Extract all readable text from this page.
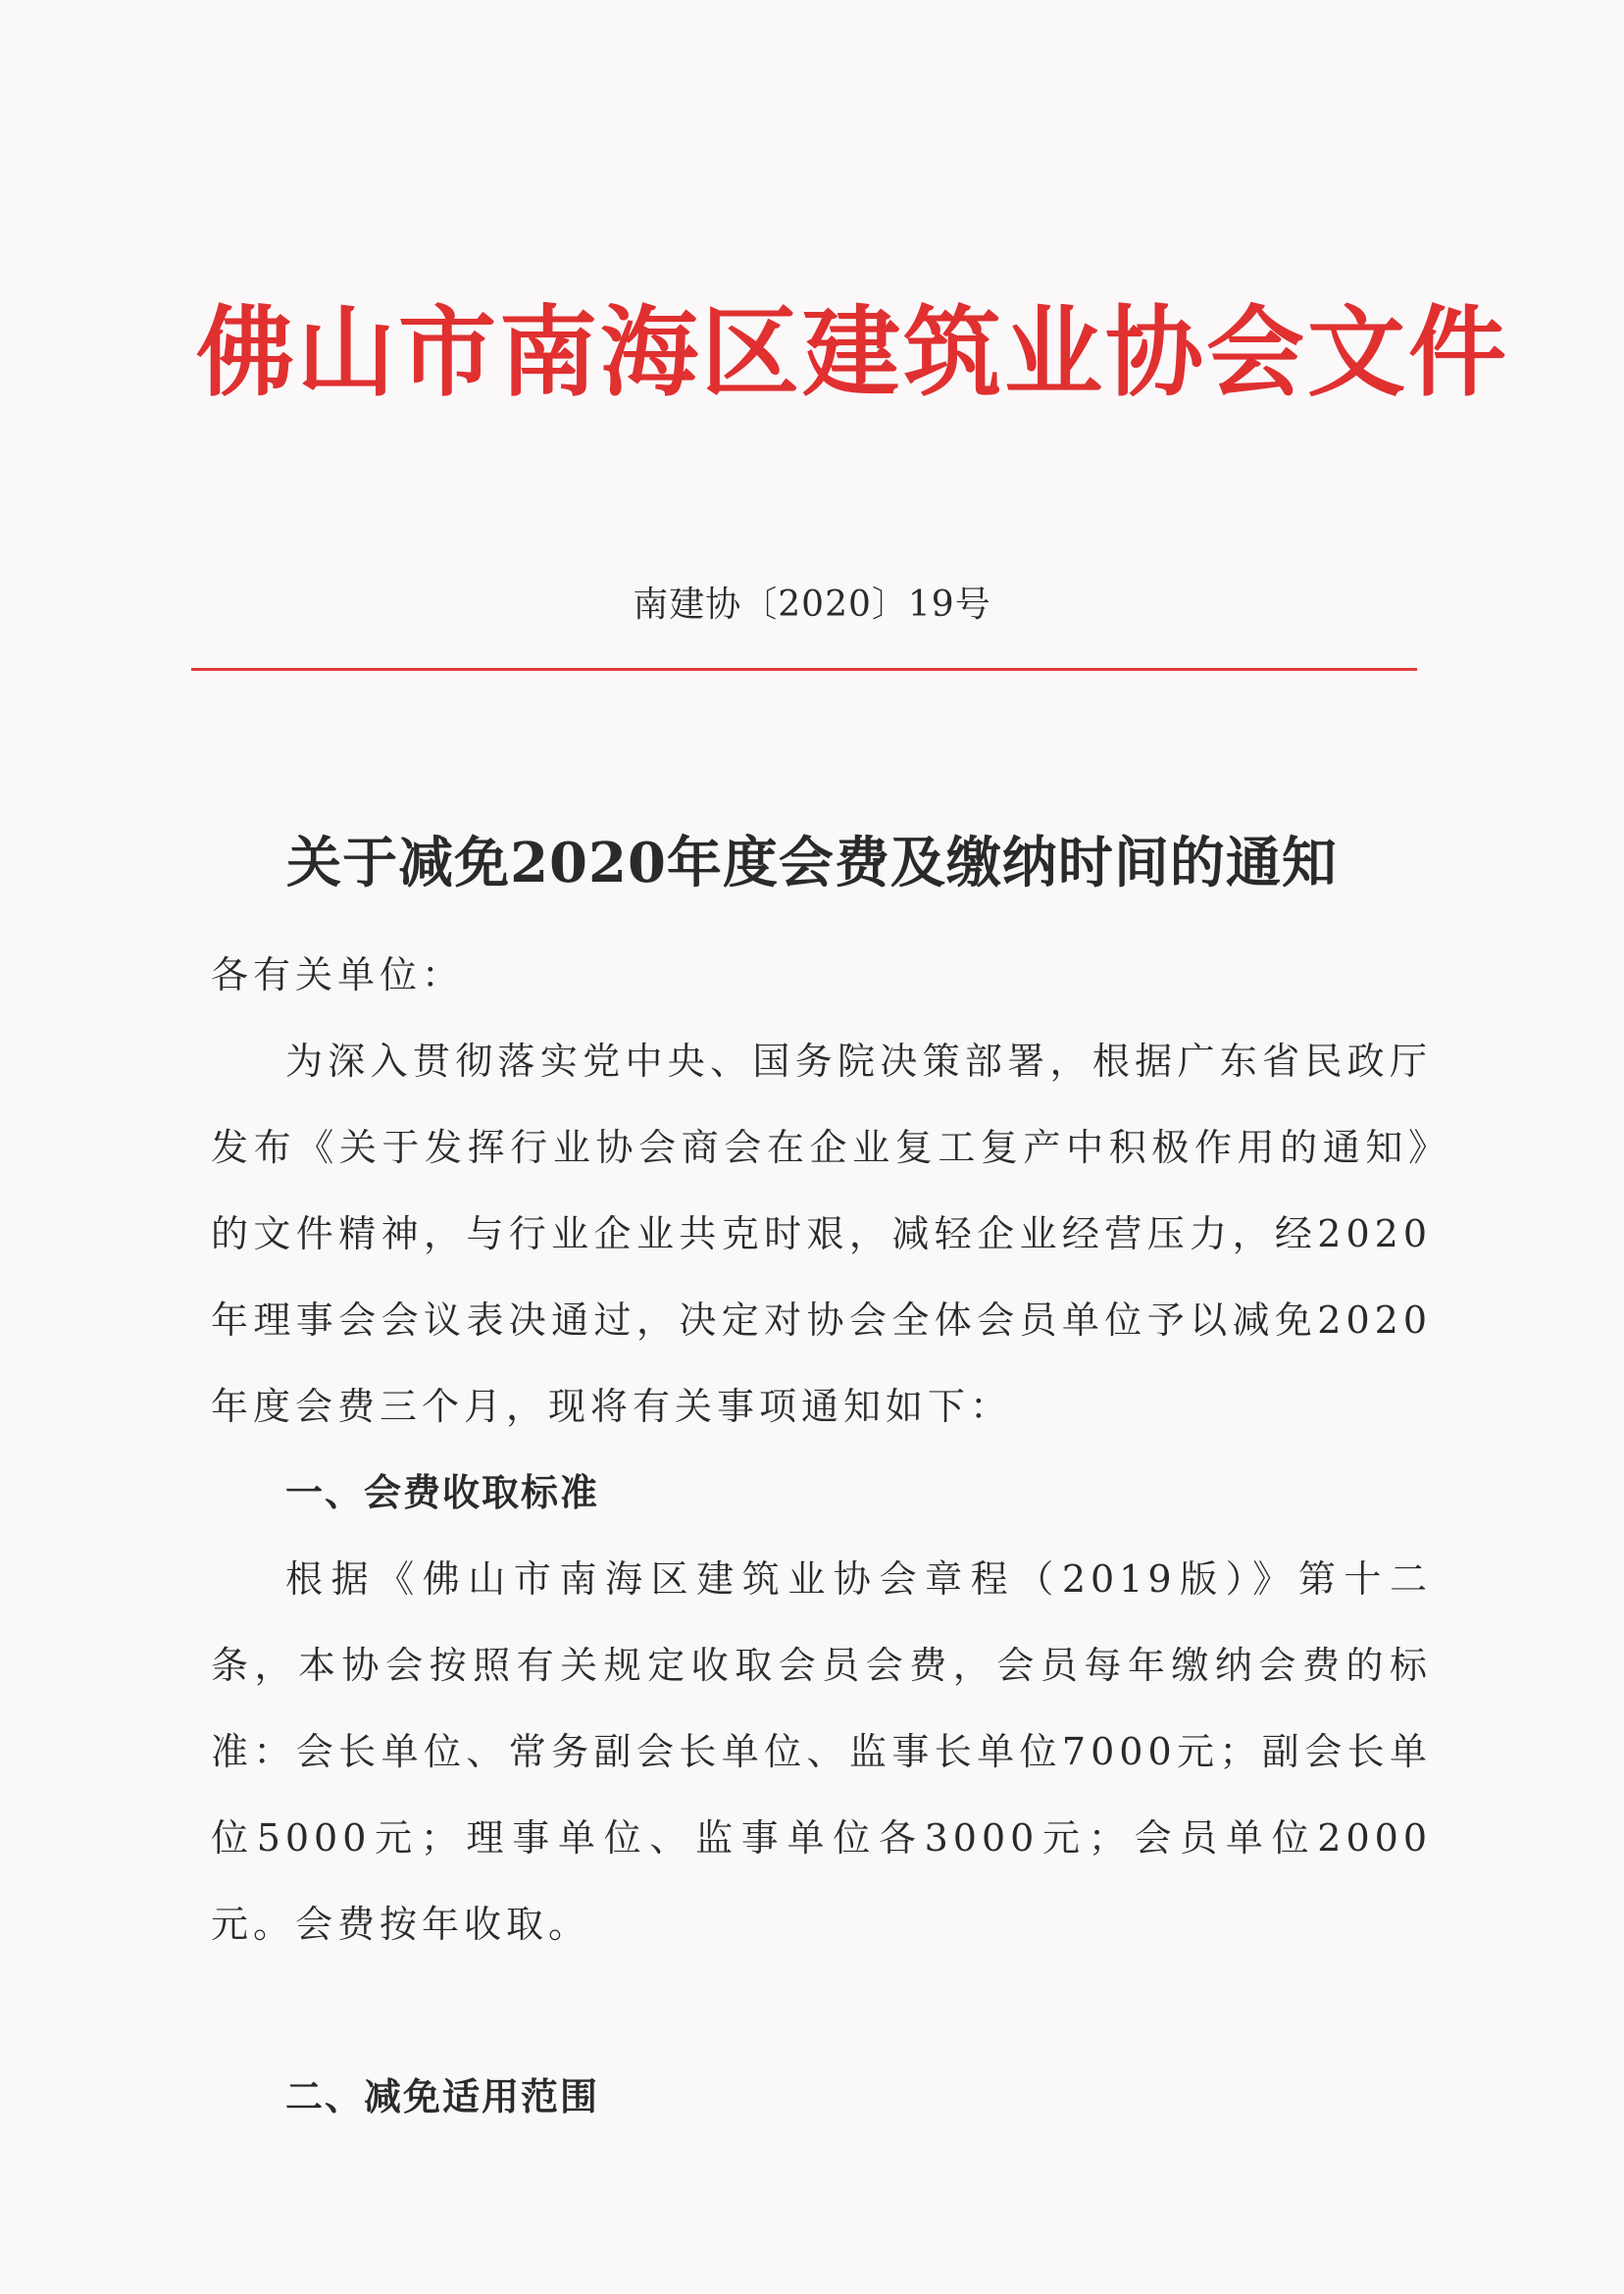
佛山市南海区建筑业协会文件
南建协〔2020〕19号
关于减免2020年度会费及缴纳时间的通知

各有关单位：

为深入贯彻落实党中央、国务院决策部署，根据广东省民政厅发布《关于发挥行业协会商会在企业复工复产中积极作用的通知》的文件精神，与行业企业共克时艰，减轻企业经营压力，经2020年理事会会议表决通过，决定对协会全体会员单位予以减免2020年度会费三个月，现将有关事项通知如下：

一、会费收取标准

根据《佛山市南海区建筑业协会章程（2019版）》第十二条，本协会按照有关规定收取会员会费，会员每年缴纳会费的标准：会长单位、常务副会长单位、监事长单位7000元；副会长单位5000元；理事单位、监事单位各3000元；会员单位2000元。会费按年收取。

二、减免适用范围
